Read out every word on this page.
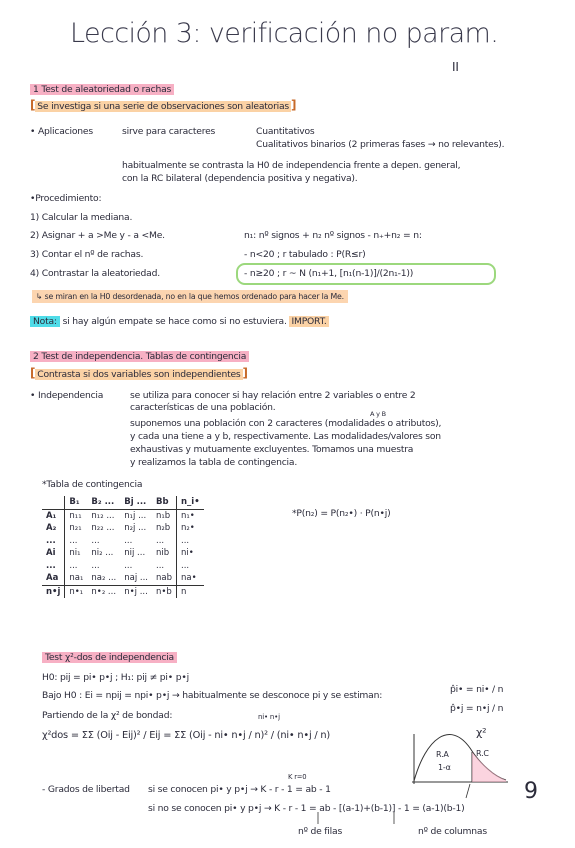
Lección 3: verificación no param.
II
1 Test de aleatoriedad o rachas
[ Se investiga si una serie de observaciones son aleatorias ]
• Aplicaciones	sirve para caracteres	Cuantitativos
Cualitativos binarios (2 primeras fases → no relevantes).
habitualmente se contrasta la H0 de independencia frente a depen. general,
con la RC bilateral (dependencia positiva y negativa).
•Procedimiento:
1) Calcular la mediana.
2) Asignar + a >Me y - a <Me.
3) Contar el nº de rachas.
4) Contrastar la aleatoriedad.
n₁: nº signos + n₂ nº signos - n₊+n₂ = n:
- n<20 ; r tabulado : P(R≤r)
- n≥20 ; r ~ N (n₁+1, [n₁(n-1)]/(2n₁-1))
↳ se miran en la H0 desordenada, no en la que hemos ordenado para hacer la Me.
Nota: si hay algún empate se hace como si no estuviera. IMPORT.
2 Test de independencia. Tablas de contingencia
[ Contrasta si dos variables son independientes ]
• Independencia	se utiliza para conocer si hay relación entre 2 variables o entre 2
características de una población.
A y B
suponemos una población con 2 caracteres (modalidades o atributos),
y cada una tiene a y b, respectivamente. Las modalidades/valores son
exhaustivas y mutuamente excluyentes. Tomamos una muestra
y realizamos la tabla de contingencia.
*Tabla de contingencia
	B₁	B₂ ...	Bj ...	Bb	n_i•
A₁	n₁₁	n₁₂ ...	n₁j ...	n₁b	n₁•
A₂	n₂₁	n₂₂ ...	n₂j ...	n₂b	n₂•
...	...	...	...	...	...
Ai	ni₁	ni₂ ...	nij ...	nib	ni•
...	...	...	...	...	...
Aa	na₁	na₂ ...	naj ...	nab	na•
n•j	n•₁	n•₂ ...	n•j ...	n•b	n
*P(n₂) = P(n₂•) · P(n•j)
Test χ²-dos de independencia
H0: pij = pi• p•j ; H₁: pij ≠ pi• p•j
Bajo H0 : Ei = npij = npi• p•j → habitualmente se desconoce pi y se estiman:
p̂i• = ni• / n
p̂•j = n•j / n
Partiendo de la χ² de bondad:	ni• n•j
χ²dos = ΣΣ (Oij - Eij)² / Eij = ΣΣ (Oij - ni• n•j / n)² / (ni• n•j / n)
- Grados de libertad
K r=0
si se conocen pi• y p•j → K - r - 1 = ab - 1
si no se conocen pi• y p•j → K - r - 1 = ab - [(a-1)+(b-1)] - 1 = (a-1)(b-1)
nº de filas	nº de columnas
9
R.A
1-α
R.C
χ²
